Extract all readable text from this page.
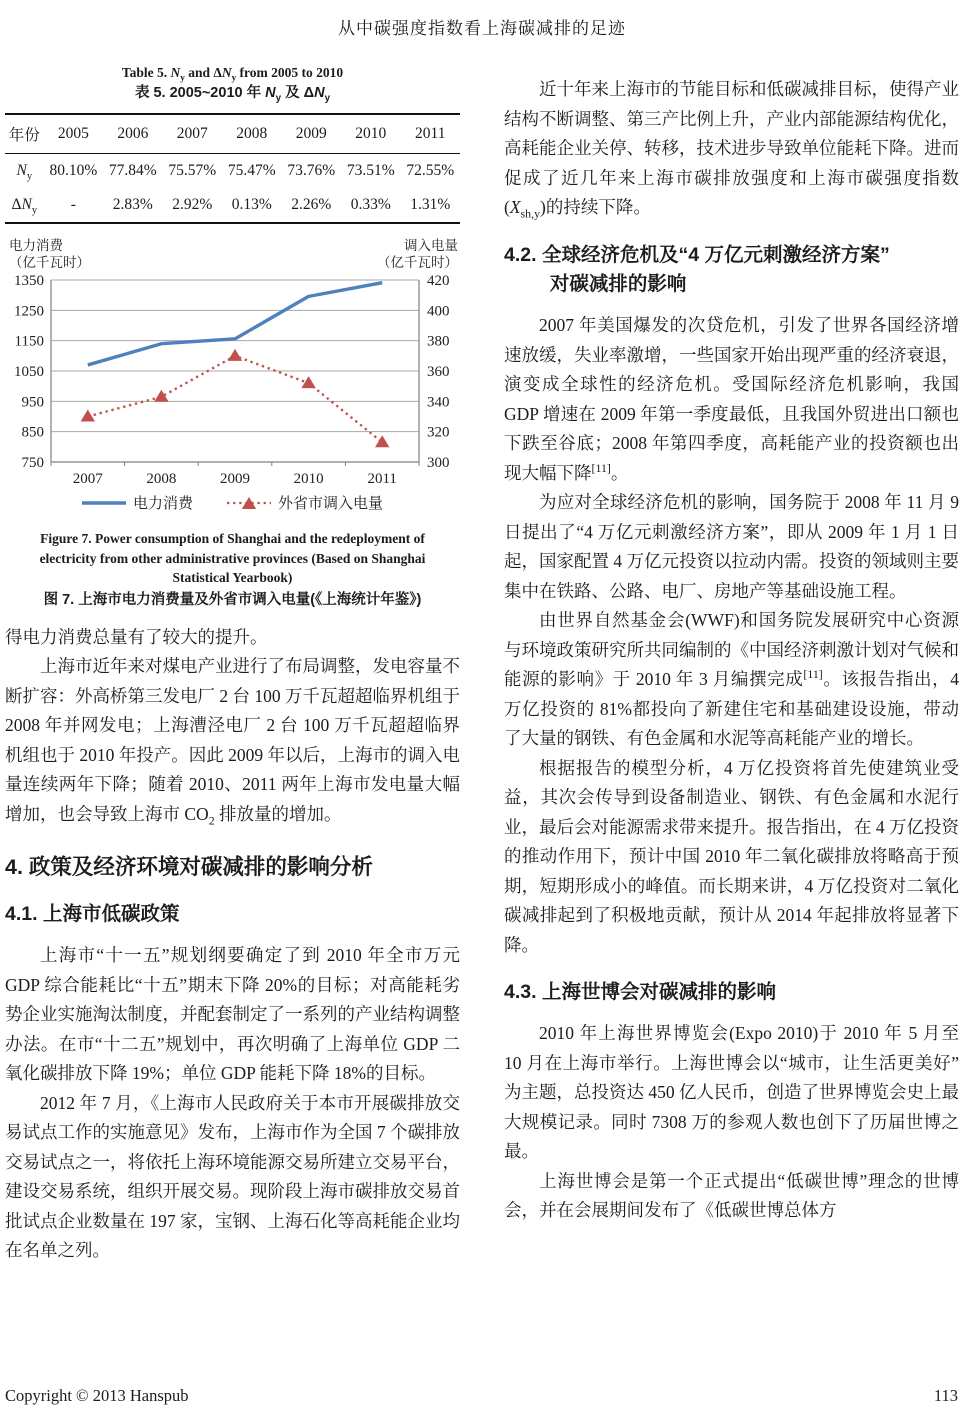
从中碳强度指数看上海碳减排的足迹
Table 5. $N_y$ and $\Delta N_y$ from 2005 to 2010
表 5. 2005~2010 年 $N_y$ 及 $\Delta N_y$
年份	2005	2006	2007	2008	2009	2010	2011
$N_y$	80.10%	77.84%	75.57%	75.47%	73.76%	73.51%	72.55%
$\Delta N_y$	-	2.83%	2.92%	0.13%	2.26%	0.33%	1.31%
1350
1250
1150
1050
950
850
750
420
400
380
360
340
320
300
2007	2008	2009	2010	2011
电力消费
（亿千瓦时）
调入电量
（亿千瓦时）
电力消费	外省市调入电量
Figure 7. Power consumption of Shanghai and the redeployment of electricity from other administrative provinces (Based on Shanghai Statistical Yearbook)
图 7. 上海市电力消费量及外省市调入电量(《上海统计年鉴》)

得电力消费总量有了较大的提升。

上海市近年来对煤电产业进行了布局调整，发电容量不断扩容：外高桥第三发电厂 2 台 100 万千瓦超超临界机组于 2008 年并网发电；上海漕泾电厂 2 台 100 万千瓦超超临界机组也于 2010 年投产。因此 2009 年以后，上海市的调入电量连续两年下降；随着 2010、2011 两年上海市发电量大幅增加，也会导致上海市 $CO_2$ 排放量的增加。

4. 政策及经济环境对碳减排的影响分析
4.1. 上海市低碳政策

上海市“十一五”规划纲要确定了到 2010 年全市万元 GDP 综合能耗比“十五”期末下降 20%的目标；对高能耗劣势企业实施淘汰制度，并配套制定了一系列的产业结构调整办法。在市“十二五”规划中，再次明确了上海单位 GDP 二氧化碳排放下降 19%；单位 GDP 能耗下降 18%的目标。

2012 年 7 月，《上海市人民政府关于本市开展碳排放交易试点工作的实施意见》发布，上海市作为全国 7 个碳排放交易试点之一，将依托上海环境能源交易所建立交易平台，建设交易系统，组织开展交易。现阶段上海市碳排放交易首批试点企业数量在 197 家，宝钢、上海石化等高耗能企业均在名单之列。

近十年来上海市的节能目标和低碳减排目标，使得产业结构不断调整、第三产比例上升，产业内部能源结构优化，高耗能企业关停、转移，技术进步导致单位能耗下降。进而促成了近几年来上海市碳排放强度和上海市碳强度指数$(X_{sh,y})$的持续下降。

4.2. 全球经济危机及“4 万亿元刺激经济方案”
对碳减排的影响

2007 年美国爆发的次贷危机，引发了世界各国经济增速放缓，失业率激增，一些国家开始出现严重的经济衰退，演变成全球性的经济危机。受国际经济危机影响，我国 GDP 增速在 2009 年第一季度最低，且我国外贸进出口额也下跌至谷底；2008 年第四季度，高耗能产业的投资额也出现大幅下降[11]。

为应对全球经济危机的影响，国务院于 2008 年 11 月 9 日提出了“4 万亿元刺激经济方案”，即从 2009 年 1 月 1 日起，国家配置 4 万亿元投资以拉动内需。投资的领域则主要集中在铁路、公路、电厂、房地产等基础设施工程。

由世界自然基金会(WWF)和国务院发展研究中心资源与环境政策研究所共同编制的《中国经济刺激计划对气候和能源的影响》于 2010 年 3 月编撰完成[11]。该报告指出，4 万亿投资的 81%都投向了新建住宅和基础建设设施，带动了大量的钢铁、有色金属和水泥等高耗能产业的增长。

根据报告的模型分析，4 万亿投资将首先使建筑业受益，其次会传导到设备制造业、钢铁、有色金属和水泥行业，最后会对能源需求带来提升。报告指出，在 4 万亿投资的推动作用下，预计中国 2010 年二氧化碳排放将略高于预期，短期形成小的峰值。而长期来讲，4 万亿投资对二氧化碳减排起到了积极地贡献，预计从 2014 年起排放将显著下降。

4.3. 上海世博会对碳减排的影响

2010 年上海世界博览会(Expo 2010)于 2010 年 5 月至 10 月在上海市举行。上海世博会以“城市，让生活更美好”为主题，总投资达 450 亿人民币，创造了世界博览会史上最大规模记录。同时 7308 万的参观人数也创下了历届世博之最。

上海世博会是第一个正式提出“低碳世博”理念的世博会，并在会展期间发布了《低碳世博总体方

Copyright © 2013 Hanspub	113
